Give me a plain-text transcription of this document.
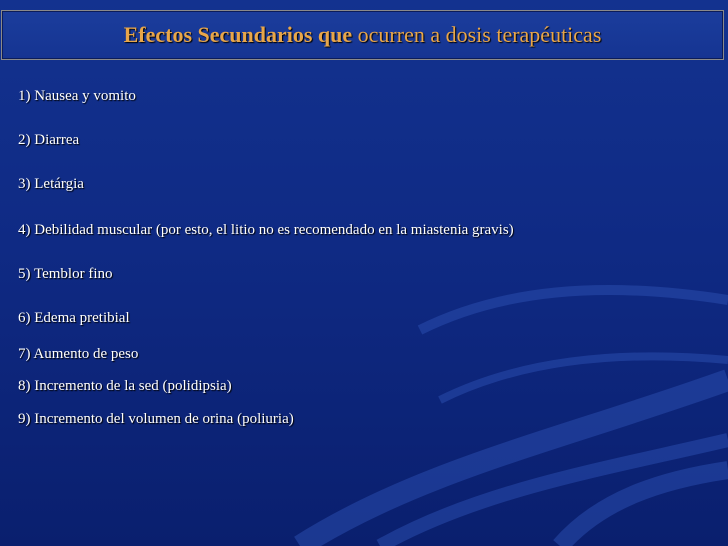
Efectos Secundarios que ocurren a dosis terapéuticas
1) Nausea y vomito
2) Diarrea
3) Letárgia
4) Debilidad muscular (por esto, el litio no es recomendado en la miastenia gravis)
5) Temblor fino
6) Edema pretibial
7) Aumento de peso
8) Incremento de la sed (polidipsia)
9) Incremento del volumen de orina (poliuria)
